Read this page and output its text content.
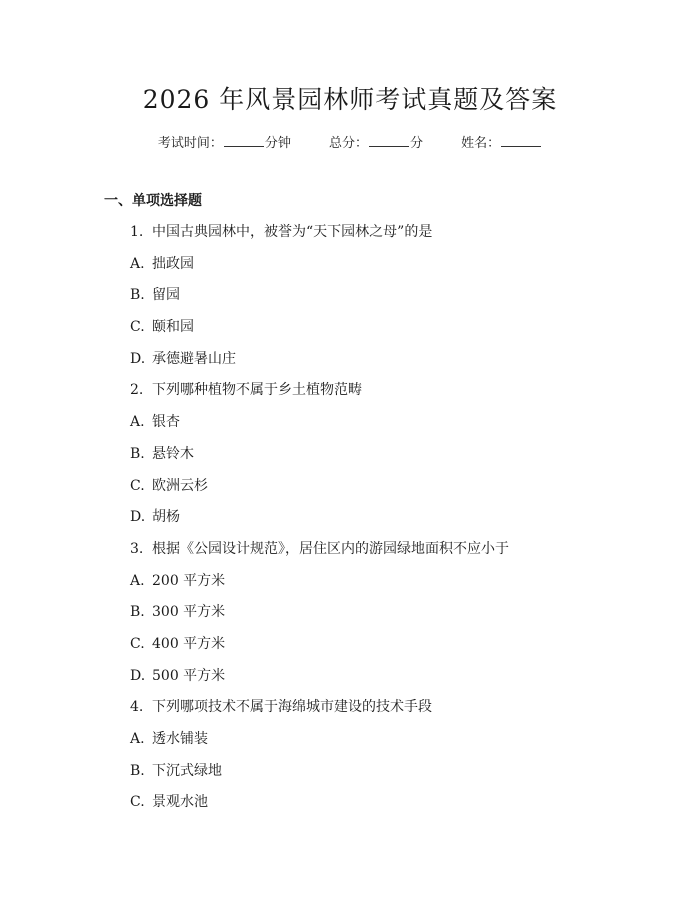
2026 年风景园林师考试真题及答案
考试时间：	分钟	总分：	分	姓名：
一、单项选择题
1. 中国古典园林中，被誉为“天下园林之母”的是
A. 拙政园
B. 留园
C. 颐和园
D. 承德避暑山庄
2. 下列哪种植物不属于乡土植物范畴
A. 银杏
B. 悬铃木
C. 欧洲云杉
D. 胡杨
3. 根据《公园设计规范》，居住区内的游园绿地面积不应小于
A. 200 平方米
B. 300 平方米
C. 400 平方米
D. 500 平方米
4. 下列哪项技术不属于海绵城市建设的技术手段
A. 透水铺装
B. 下沉式绿地
C. 景观水池
